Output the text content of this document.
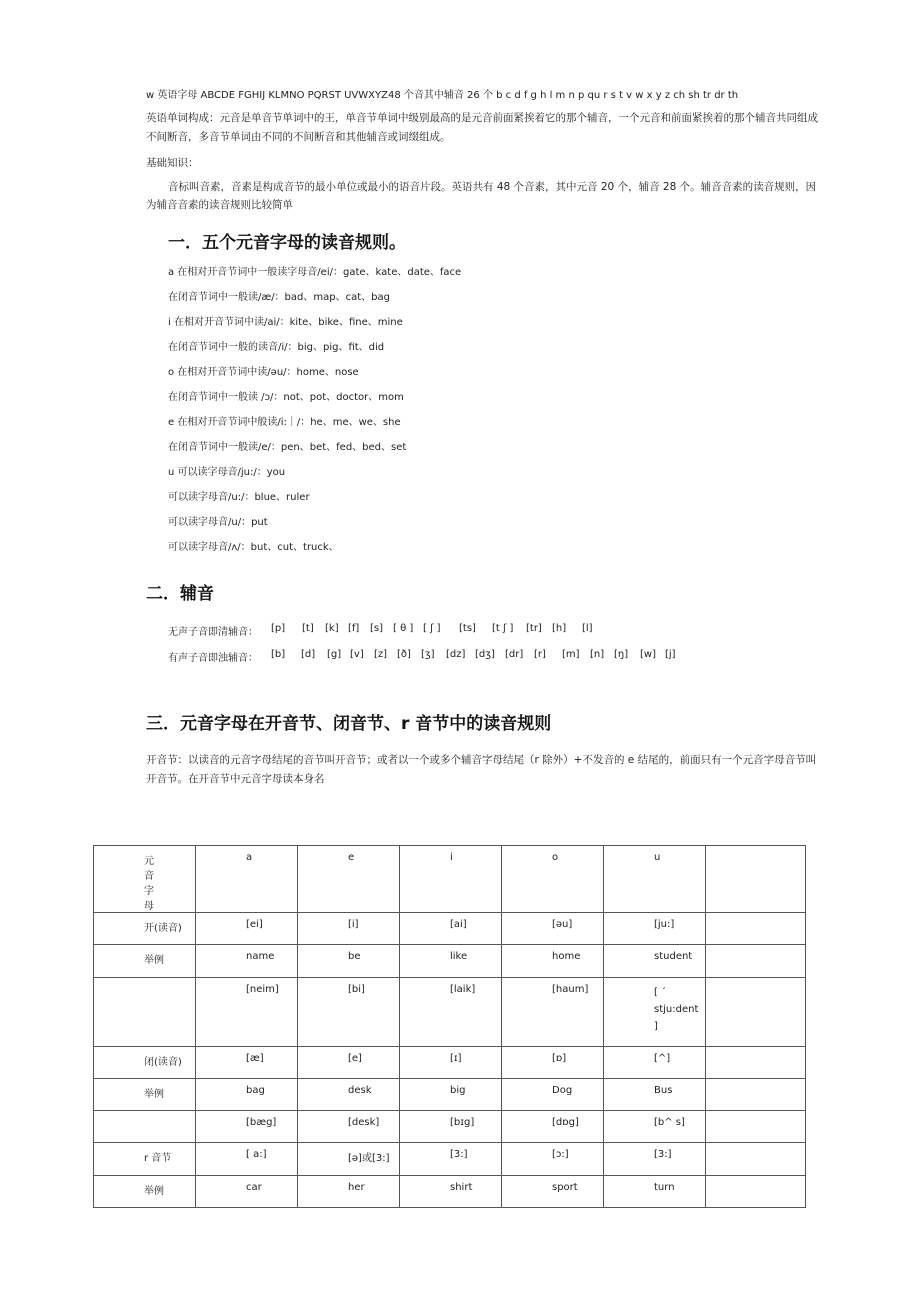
w 英语字母 ABCDE FGHIJ KLMNO PQRST UVWXYZ48 个音其中辅音 26 个 b c d f g h l m n p qu r s t v w x y z ch sh tr dr th
英语单词构成：元音是单音节单词中的王，单音节单词中级别最高的是元音前面紧挨着它的那个辅音，一个元音和前面紧挨着的那个辅音共同组成不间断音，多音节单词由不同的不间断音和其他辅音或词缀组成。
基础知识：
音标叫音素，音素是构成音节的最小单位或最小的语音片段。英语共有 48 个音素，其中元音 20 个，辅音 28 个。辅音音素的读音规则，因为辅音音素的读音规则比较简单
一．五个元音字母的读音规则。
a 在相对开音节词中一般读字母音/ei/：gate、kate、date、face
在闭音节词中一般读/æ/：bad、map、cat、bag
i 在相对开音节词中读/ai/：kite、bike、fine、mine
在闭音节词中一般的读音/i/：big、pig、fit、did
o 在相对开音节词中读/əu/：home、nose
在闭音节词中一般读 /ɔ/：not、pot、doctor、mom
e 在相对开音节词中般读/i:｜/：he、me、we、she
在闭音节词中一般读/e/：pen、bet、fed、bed、set
u 可以读字母音/ju:/：you
可以读字母音/u:/：blue、ruler
可以读字母音/u/：put
可以读字母音/ʌ/：but、cut、truck、
二．辅音
无声子音即清辅音： [p] [t] [k] [f] [s] [ θ ] [ ʃ ] [ts] [t ʃ ] [tr] [h] [l]
有声子音即浊辅音： [b] [d] [g] [v] [z] [ð] [ʒ] [dz] [dʒ] [dr] [r] [m] [n] [ŋ] [w] [j]
三．元音字母在开音节、闭音节、r 音节中的读音规则
开音节：以读音的元音字母结尾的音节叫开音节；或者以一个或多个辅音字母结尾（r 除外）+不发音的 e 结尾的，前面只有一个元音字母音节叫开音节。在开音节中元音字母读本身名
元 音 字 母	a	e	i	o	u	
开(读音)	[ei]	[i]	[ai]	[əu]	[ju:]	
举例	name	be	like	home	student	
	[neim]	[bi]	[laik]	[haum]	[ ˊ stju:dent ]	
闭(读音)	[æ]	[e]	[ɪ]	[ɒ]	[^]	
举例	bag	desk	big	Dog	Bus	
	[bæg]	[desk]	[bɪg]	[dɒg]	[b^ s]	
r 音节	[ a:]	[ə]或[3:]	[3:]	[ɔ:]	[3:]	
举例	car	her	shirt	sport	turn	
